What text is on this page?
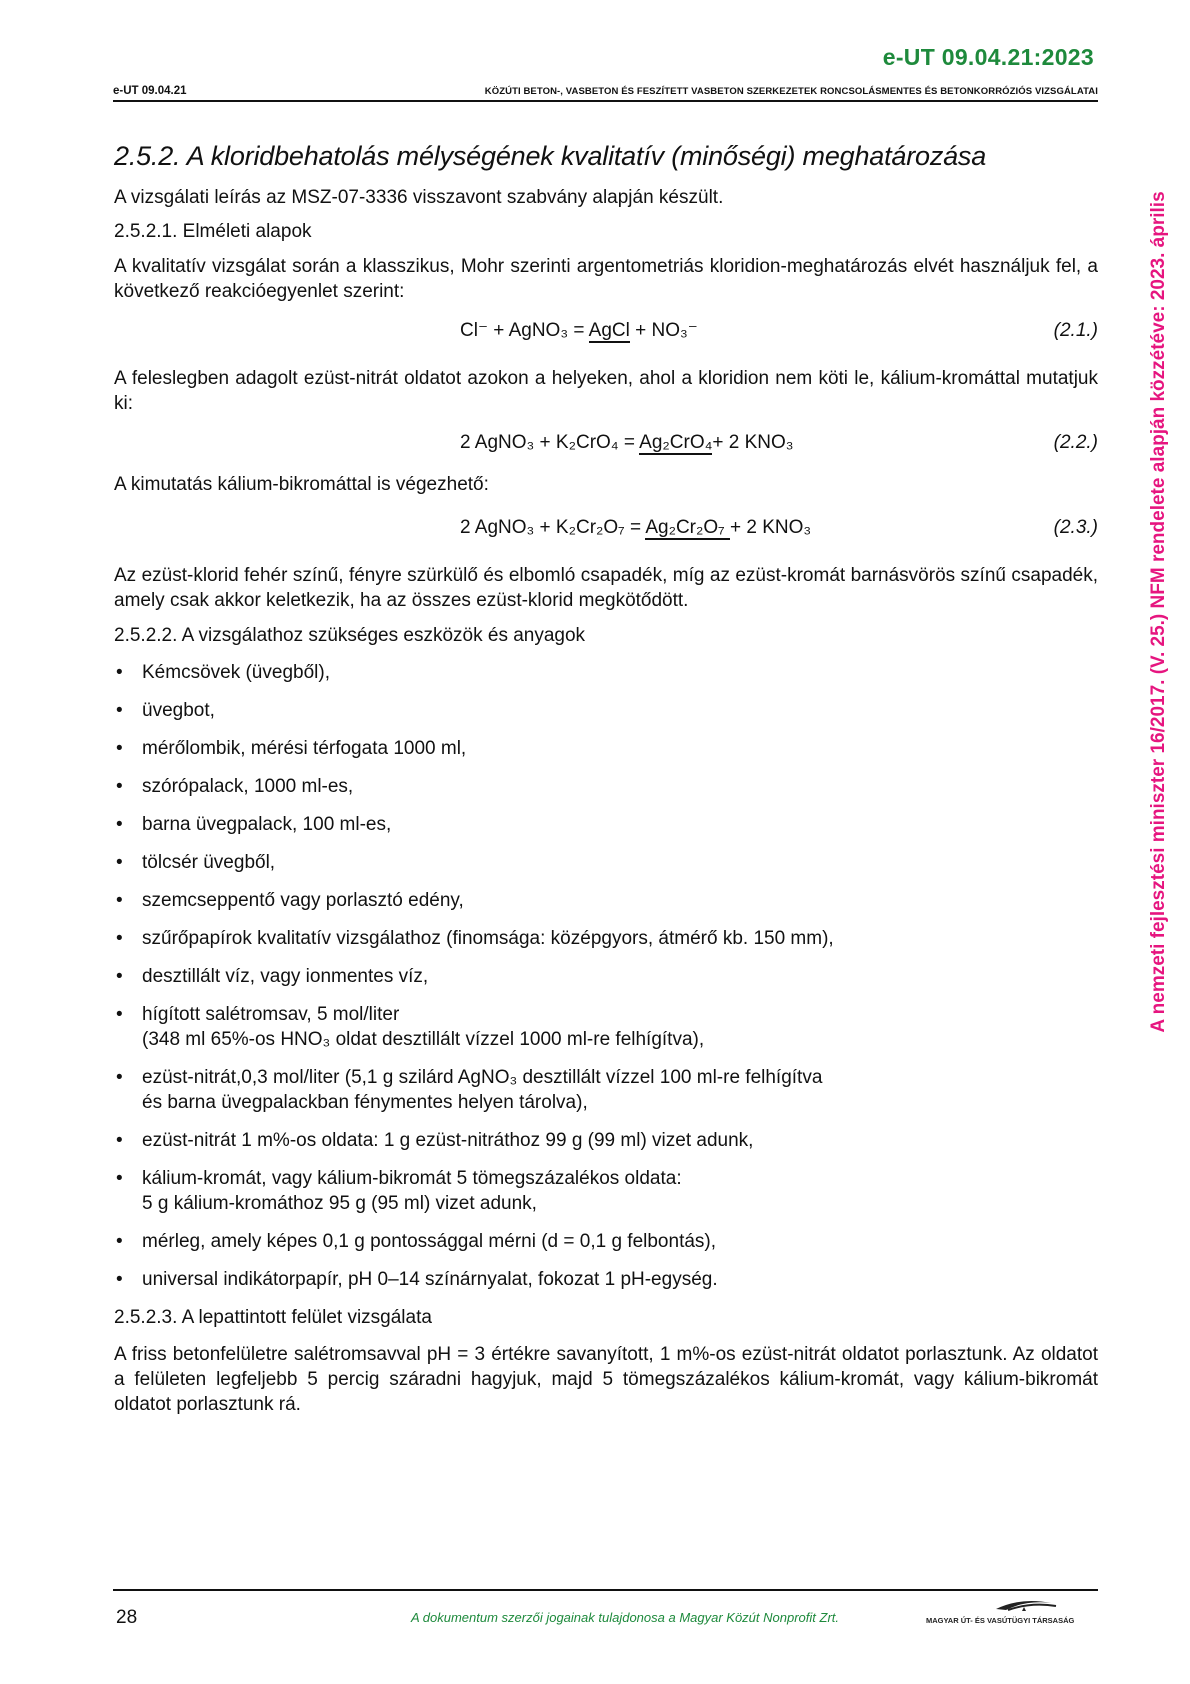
e-UT 09.04.21:2023
e-UT 09.04.21	KÖZÚTI BETON-, VASBETON ÉS FESZÍTETT VASBETON SZERKEZETEK RONCSOLÁSMENTES ÉS BETONKORRÓZIÓS VIZSGÁLATAI
A nemzeti fejlesztési miniszter 16/2017. (V. 25.) NFM rendelete alapján közzétéve: 2023. április
2.5.2. A kloridbehatolás mélységének kvalitatív (minőségi) meghatározása

A vizsgálati leírás az MSZ-07-3336 visszavont szabvány alapján készült.

2.5.2.1. Elméleti alapok

A kvalitatív vizsgálat során a klasszikus, Mohr szerinti argentometriás kloridion-meghatározás elvét használjuk fel, a következő reakcióegyenlet szerint:

Cl⁻ + AgNO₃ = AgCl + NO₃⁻	(2.1.)

A feleslegben adagolt ezüst-nitrát oldatot azokon a helyeken, ahol a kloridion nem köti le, kálium-kromáttal mutatjuk ki:

2 AgNO₃ + K₂CrO₄ = Ag₂CrO₄+ 2 KNO₃	(2.2.)

A kimutatás kálium-bikromáttal is végezhető:

2 AgNO₃ + K₂Cr₂O₇ = Ag₂Cr₂O₇ + 2 KNO₃	(2.3.)

Az ezüst-klorid fehér színű, fényre szürkülő és elbomló csapadék, míg az ezüst-kromát barnásvörös színű csapadék, amely csak akkor keletkezik, ha az összes ezüst-klorid megkötődött.

2.5.2.2. A vizsgálathoz szükséges eszközök és anyagok
• Kémcsövek (üvegből),
• üvegbot,
• mérőlombik, mérési térfogata 1000 ml,
• szórópalack, 1000 ml-es,
• barna üvegpalack, 100 ml-es,
• tölcsér üvegből,
• szemcseppentő vagy porlasztó edény,
• szűrőpapírok kvalitatív vizsgálathoz (finomsága: középgyors, átmérő kb. 150 mm),
• desztillált víz, vagy ionmentes víz,
• hígított salétromsav, 5 mol/liter
(348 ml 65%-os HNO₃ oldat desztillált vízzel 1000 ml-re felhígítva),
• ezüst-nitrát,0,3 mol/liter (5,1 g szilárd AgNO₃ desztillált vízzel 100 ml-re felhígítva
és barna üvegpalackban fénymentes helyen tárolva),
• ezüst-nitrát 1 m%-os oldata: 1 g ezüst-nitráthoz 99 g (99 ml) vizet adunk,
• kálium-kromát, vagy kálium-bikromát 5 tömegszázalékos oldata:
5 g kálium-kromáthoz 95 g (95 ml) vizet adunk,
• mérleg, amely képes 0,1 g pontossággal mérni (d = 0,1 g felbontás),
• universal indikátorpapír, pH 0–14 színárnyalat, fokozat 1 pH-egység.
2.5.2.3. A lepattintott felület vizsgálata

A friss betonfelületre salétromsavval pH = 3 értékre savanyított, 1 m%-os ezüst-nitrát oldatot porlasztunk. Az oldatot a felületen legfeljebb 5 percig száradni hagyjuk, majd 5 tömegszázalékos kálium-kromát, vagy kálium-bikromát oldatot porlasztunk rá.

28	A dokumentum szerzői jogainak tulajdonosa a Magyar Közút Nonprofit Zrt.	MAGYAR ÚT- ÉS VASÚTÜGYI TÁRSASÁG
